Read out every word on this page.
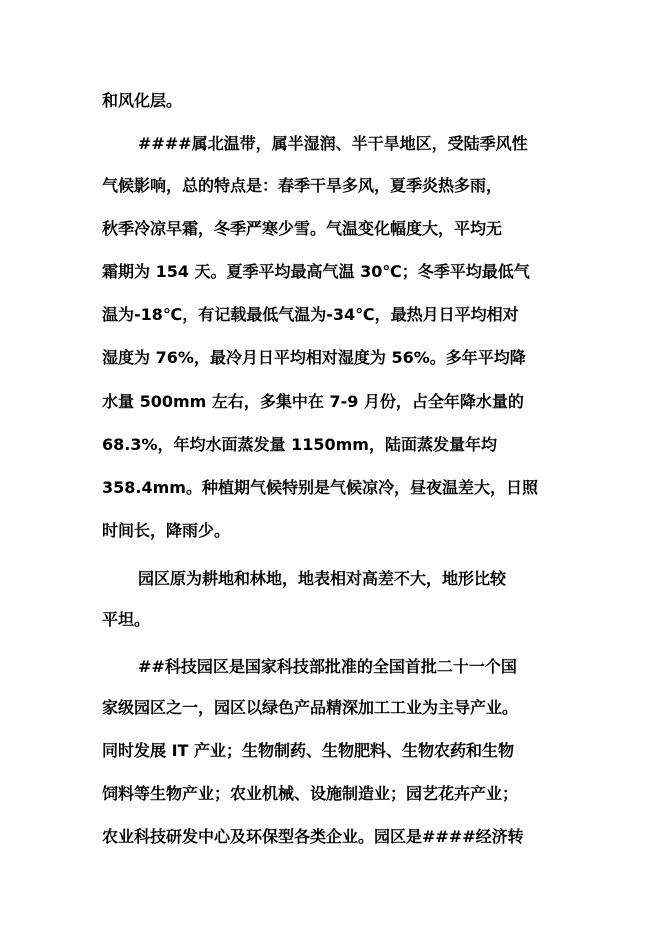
和风化层。
####属北温带，属半湿润、半干旱地区，受陆季风性
气候影响，总的特点是：春季干旱多风，夏季炎热多雨，
秋季冷凉早霜，冬季严寒少雪。气温变化幅度大，平均无
霜期为 154 天。夏季平均最高气温 30℃；冬季平均最低气
温为-18℃，有记载最低气温为-34℃，最热月日平均相对
湿度为 76%，最冷月日平均相对湿度为 56%。多年平均降
水量 500mm 左右，多集中在 7-9 月份，占全年降水量的
68.3%，年均水面蒸发量 1150mm，陆面蒸发量年均
358.4mm。种植期气候特别是气候凉冷，昼夜温差大，日照
时间长，降雨少。
园区原为耕地和林地，地表相对高差不大，地形比较
平坦。
##科技园区是国家科技部批准的全国首批二十一个国
家级园区之一，园区以绿色产品精深加工工业为主导产业。
同时发展 IT 产业；生物制药、生物肥料、生物农药和生物
饲料等生物产业；农业机械、设施制造业；园艺花卉产业；
农业科技研发中心及环保型各类企业。园区是####经济转
